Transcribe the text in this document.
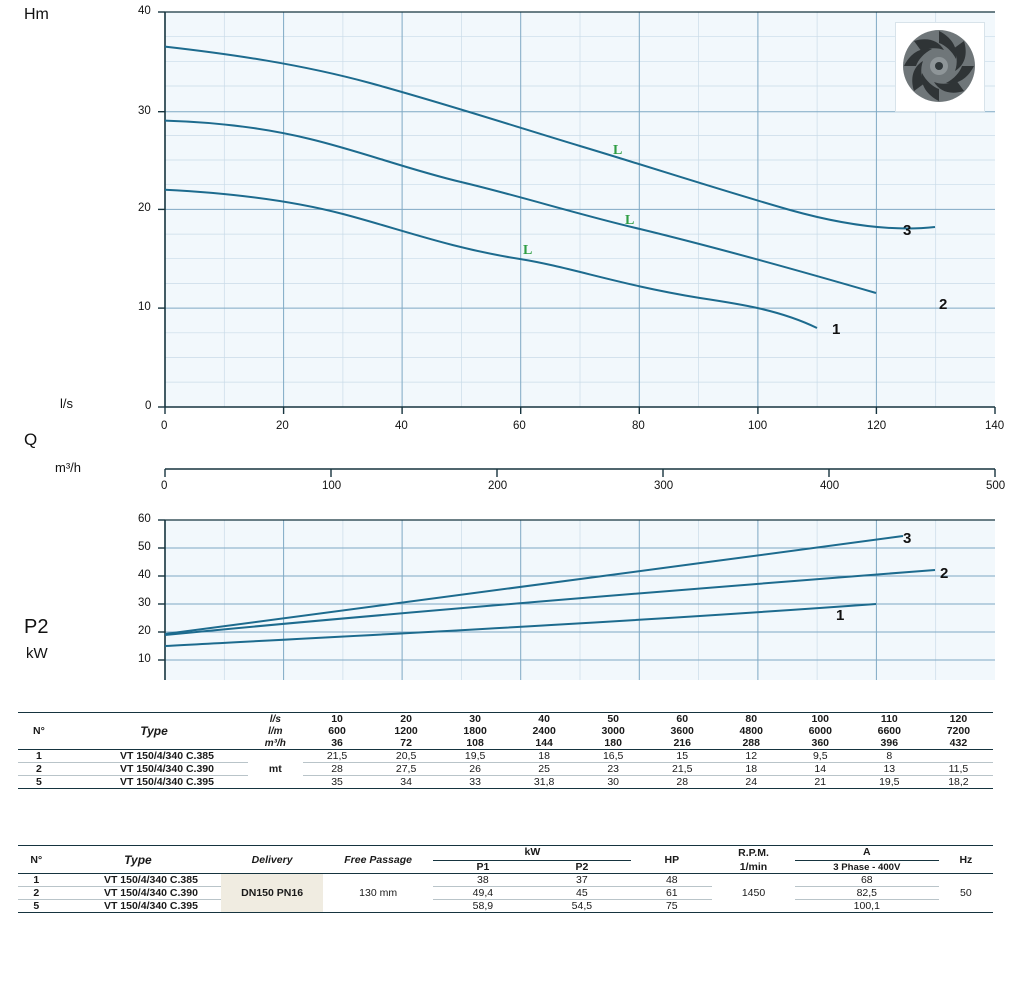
Hm
l/s
Q
m³/h
P2
kW
0	20	40	60	80	100	120	140
0
10
20
30
40
1
2
3
L
L
L
0	100	200	300	400	500
60
50
40
30
20
10
1
2
3
N°	Type	l/s	10	20	30	40	50	60	80	100	110	120
		l/m	600	1200	1800	2400	3000	3600	4800	6000	6600	7200
		m³/h	36	72	108	144	180	216	288	360	396	432
1	VT 150/4/340 C.385	mt	21,5	20,5	19,5	18	16,5	15	12	9,5	8	
2	VT 150/4/340 C.390		28	27,5	26	25	23	21,5	18	14	13	11,5
5	VT 150/4/340 C.395		35	34	33	31,8	30	28	24	21	19,5	18,2
N°	Type	Delivery	Free Passage	kW		HP	R.P.M.	A	Hz
				P1	P2		1/min	3 Phase - 400V	
1	VT 150/4/340 C.385	DN150 PN16	130 mm	38	37	48	1450	68	50
2	VT 150/4/340 C.390			49,4	45	61		82,5	
5	VT 150/4/340 C.395			58,9	54,5	75		100,1	
